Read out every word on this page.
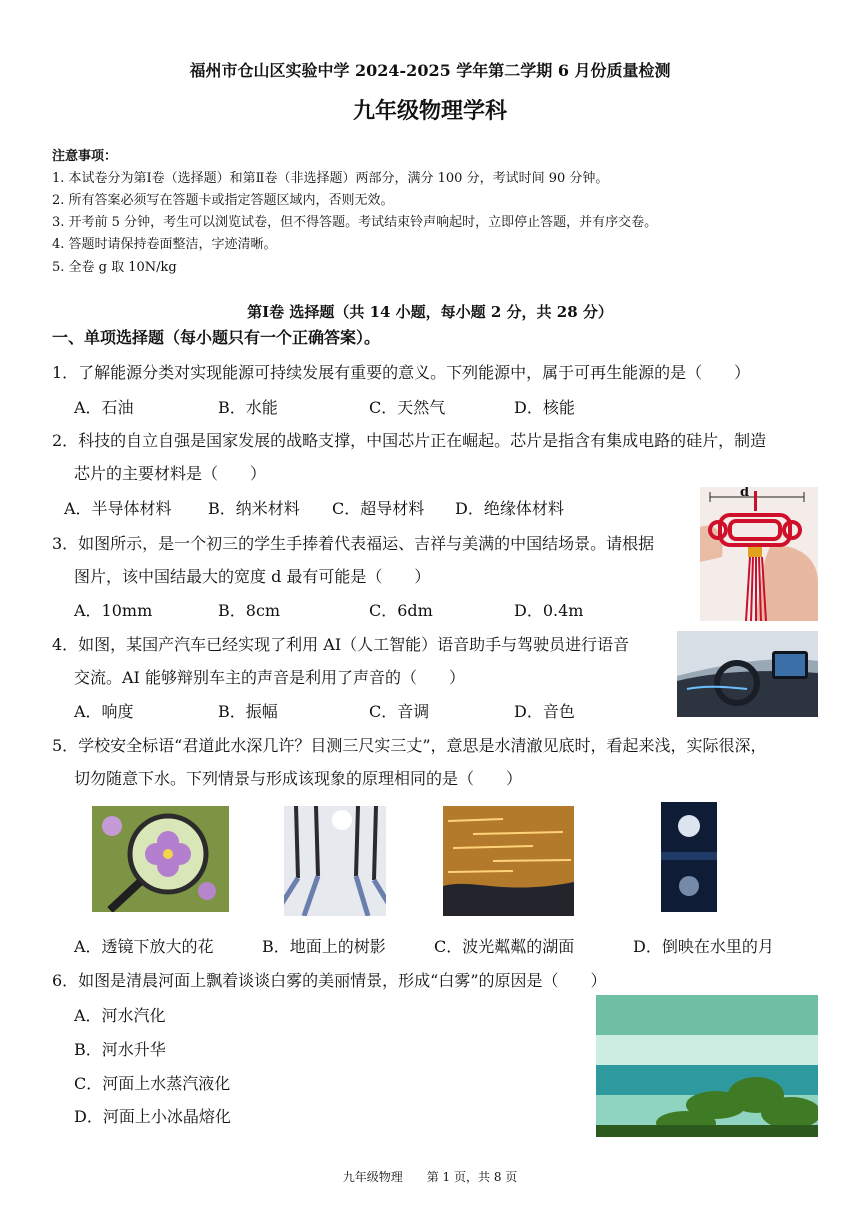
福州市仓山区实验中学 2024-2025 学年第二学期 6 月份质量检测
九年级物理学科
注意事项：
1. 本试卷分为第Ⅰ卷（选择题）和第Ⅱ卷（非选择题）两部分，满分 100 分，考试时间 90 分钟。
2. 所有答案必须写在答题卡或指定答题区域内，否则无效。
3. 开考前 5 分钟，考生可以浏览试卷，但不得答题。考试结束铃声响起时，立即停止答题，并有序交卷。
4. 答题时请保持卷面整洁，字迹清晰。
5. 全卷 g 取 10N/kg
第Ⅰ卷 选择题（共 14 小题，每小题 2 分，共 28 分）
一、单项选择题（每小题只有一个正确答案）。
1．了解能源分类对实现能源可持续发展有重要的意义。下列能源中，属于可再生能源的是（　　）
A．石油	B．水能	C．天然气	D．核能
2．科技的自立自强是国家发展的战略支撑，中国芯片正在崛起。芯片是指含有集成电路的硅片，制造
芯片的主要材料是（　　）
A．半导体材料 B．纳米材料 C．超导材料 D．绝缘体材料
d
3．如图所示，是一个初三的学生手捧着代表福运、吉祥与美满的中国结场景。请根据
图片，该中国结最大的宽度 d 最有可能是（　　）
A．10mm	B．8cm	C．6dm	D．0.4m
4．如图，某国产汽车已经实现了利用 AI（人工智能）语音助手与驾驶员进行语音
交流。AI 能够辩别车主的声音是利用了声音的（　　）
A．响度	B．振幅	C．音调	D．音色
5．学校安全标语“君道此水深几许？目测三尺实三丈”，意思是水清澈见底时，看起来浅，实际很深，
切勿随意下水。下列情景与形成该现象的原理相同的是（　　）
A．透镜下放大的花	B．地面上的树影	C．波光粼粼的湖面	D．倒映在水里的月
6．如图是清晨河面上飘着谈谈白雾的美丽情景，形成“白雾”的原因是（　　）
A．河水汽化
B．河水升华
C．河面上水蒸汽液化
D．河面上小冰晶熔化
九年级物理　　第 1 页，共 8 页
